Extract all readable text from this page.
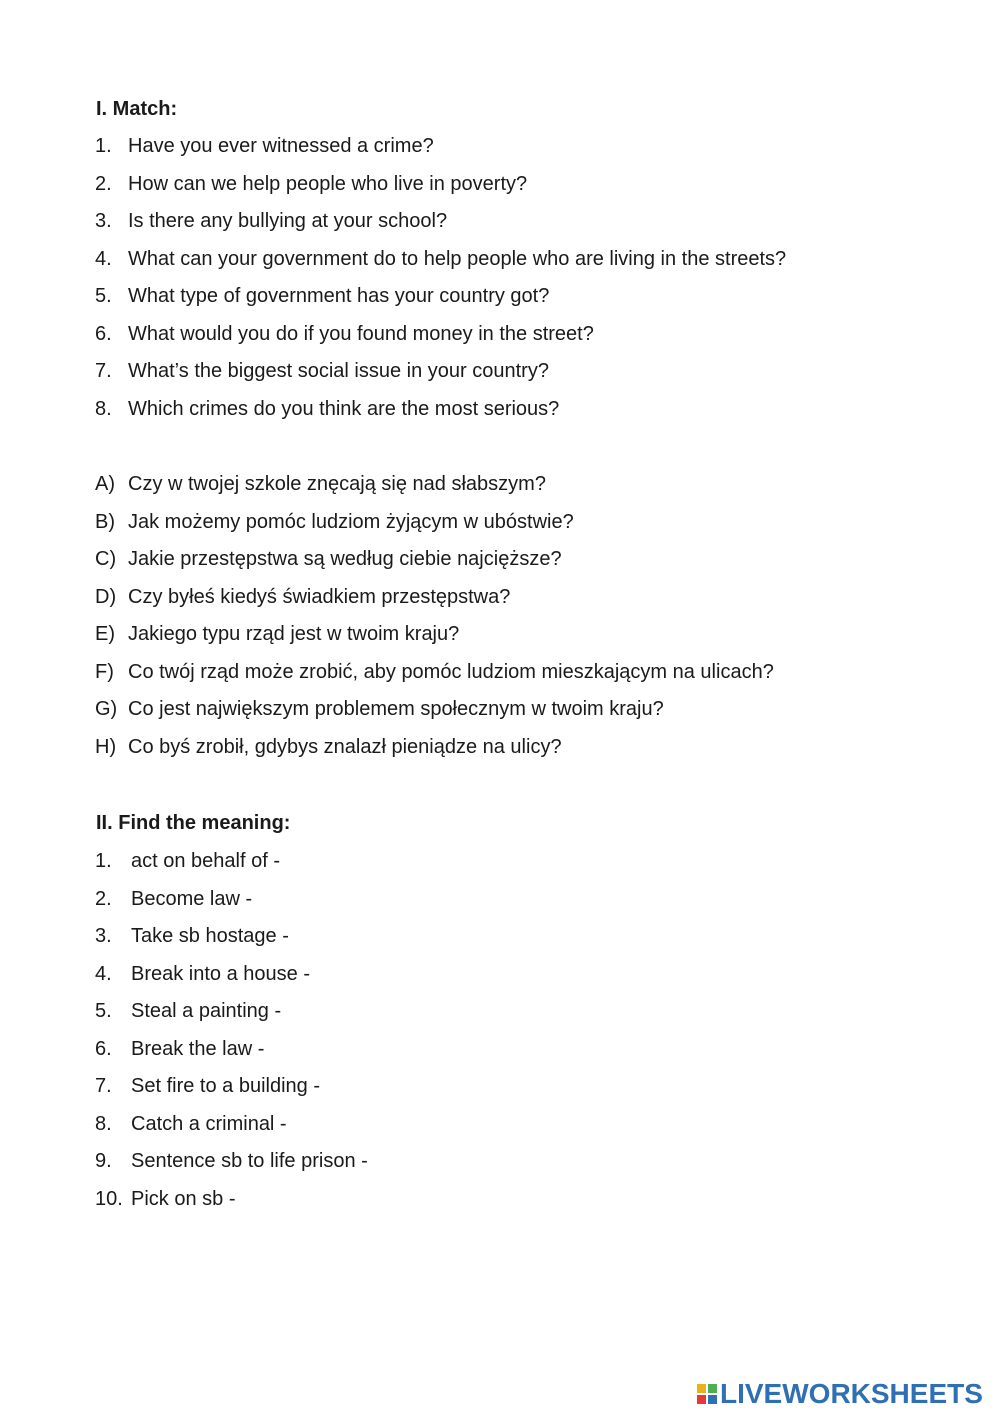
I. Match:
1. Have you ever witnessed a crime?
2. How can we help people who live in poverty?
3. Is there any bullying at your school?
4. What can your government do to help people who are living in the streets?
5. What type of government has your country got?
6. What would you do if you found money in the street?
7. What’s the biggest social issue in your country?
8. Which crimes do you think are the most serious?
A) Czy w twojej szkole znęcają się nad słabszym?
B) Jak możemy pomóc ludziom żyjącym w ubóstwie?
C) Jakie przestępstwa są według ciebie najcięższe?
D) Czy byłeś kiedyś świadkiem przestępstwa?
E) Jakiego typu rząd jest w twoim kraju?
F) Co twój rząd może zrobić, aby pomóc ludziom mieszkającym na ulicach?
G) Co jest największym problemem społecznym w twoim kraju?
H) Co byś zrobił, gdybys znalazł pieniądze na ulicy?
II. Find the meaning:
1. act on behalf of -
2. Become law -
3. Take sb hostage -
4. Break into a house -
5. Steal a painting -
6. Break the law -
7. Set fire to a building -
8. Catch a criminal -
9. Sentence sb to life prison -
10. Pick on sb -
LIVEWORKSHEETS
